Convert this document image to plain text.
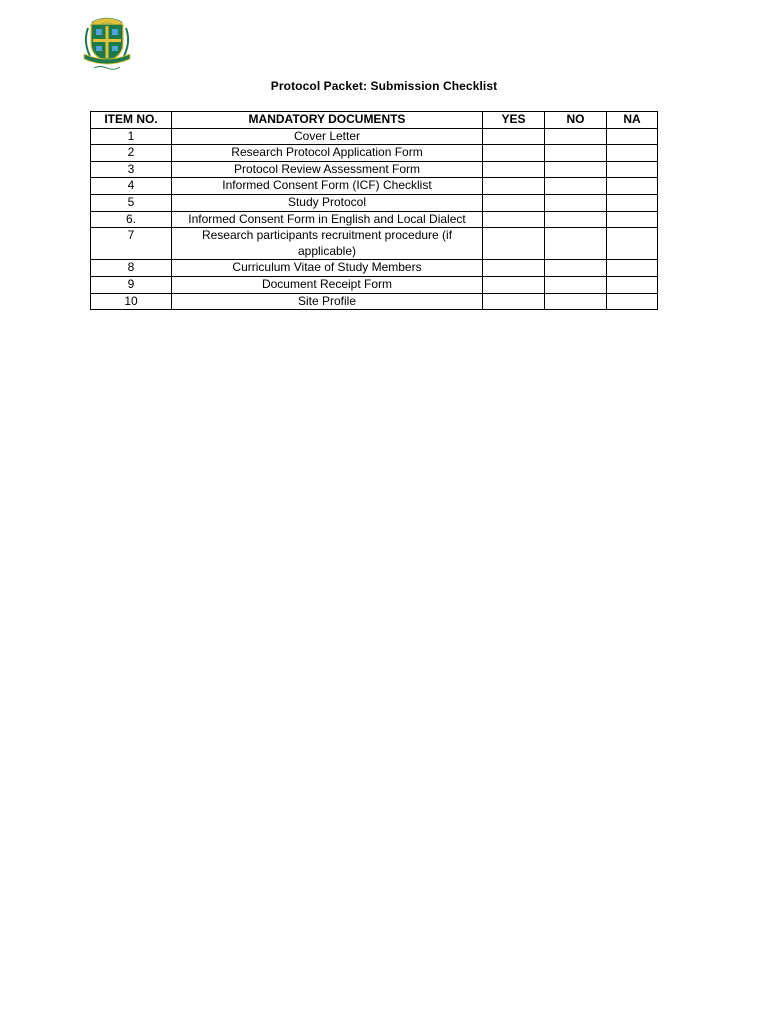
Protocol Packet: Submission Checklist
ITEM NO.	MANDATORY DOCUMENTS	YES	NO	NA
1	Cover Letter			
2	Research Protocol Application Form			
3	Protocol Review Assessment Form			
4	Informed Consent Form (ICF) Checklist			
5	Study Protocol			
6.	Informed Consent Form in English and Local Dialect			
7	Research participants recruitment procedure (if applicable)			
8	Curriculum Vitae of Study Members			
9	Document Receipt Form			
10	Site Profile			
